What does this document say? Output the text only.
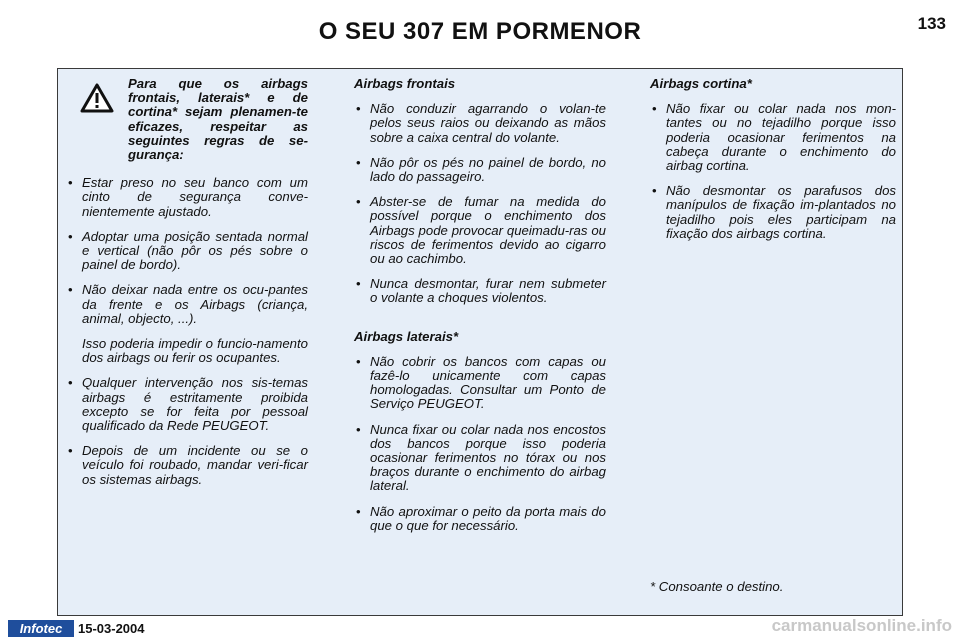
O SEU 307 EM PORMENOR	133
Para que os airbags frontais, laterais* e de cortina* sejam plenamen-te eficazes, respeitar as seguintes regras de se-gurança:
• Estar preso no seu banco com um cinto de segurança conve-nientemente ajustado.
• Adoptar uma posição sentada normal e vertical (não pôr os pés sobre o painel de bordo).
• Não deixar nada entre os ocu-pantes da frente e os Airbags (criança, animal, objecto, ...).
Isso poderia impedir o funcio-namento dos airbags ou ferir os ocupantes.
• Qualquer intervenção nos sis-temas airbags é estritamente proibida excepto se for feita por pessoal qualificado da Rede PEUGEOT.
• Depois de um incidente ou se o veículo foi roubado, mandar veri-ficar os sistemas airbags.
Airbags frontais
• Não conduzir agarrando o volan-te pelos seus raios ou deixando as mãos sobre a caixa central do volante.
• Não pôr os pés no painel de bordo, no lado do passageiro.
• Abster-se de fumar na medida do possível porque o enchimento dos Airbags pode provocar queimadu-ras ou riscos de ferimentos devido ao cigarro ou ao cachimbo.
• Nunca desmontar, furar nem submeter o volante a choques violentos.
Airbags laterais*
• Não cobrir os bancos com capas ou fazê-lo unicamente com capas homologadas. Consultar um Ponto de Serviço PEUGEOT.
• Nunca fixar ou colar nada nos encostos dos bancos porque isso poderia ocasionar ferimentos no tórax ou nos braços durante o enchimento do airbag lateral.
• Não aproximar o peito da porta mais do que o que for necessário.
Airbags cortina*
• Não fixar ou colar nada nos mon-tantes ou no tejadilho porque isso poderia ocasionar ferimentos na cabeça durante o enchimento do airbag cortina.
• Não desmontar os parafusos dos manípulos de fixação im-plantados no tejadilho pois eles participam na fixação dos airbags cortina.
* Consoante o destino.
Infotec	15-03-2004	carmanualsonline.info
